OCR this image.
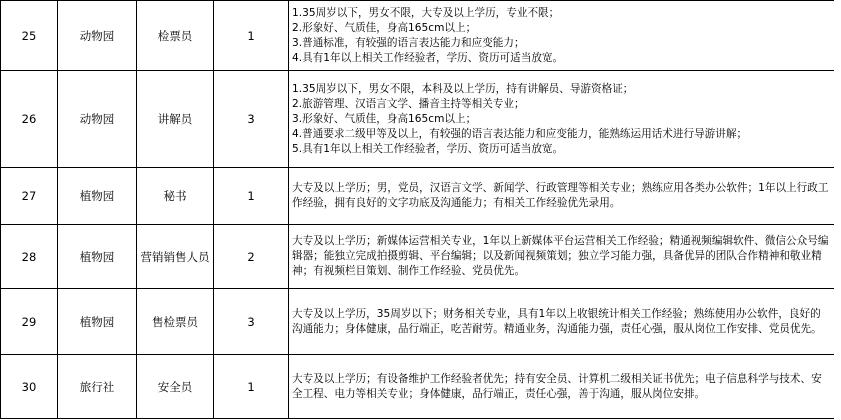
25	动物园	检票员	1	1.35周岁以下，男女不限，大专及以上学历，专业不限；
2.形象好、气质佳，身高165cm以上；
3.普通标准，有较强的语言表达能力和应变能力；
4.具有1年以上相关工作经验者，学历、资历可适当放宽。

26	动物园	讲解员	3	1.35周岁以下，男女不限，本科及以上学历，持有讲解员、导游资格证；
2.旅游管理、汉语言文学、播音主持等相关专业；
3.形象好、气质佳，身高165cm以上；
4.普通要求二级甲等及以上，有较强的语言表达能力和应变能力，能熟练运用话术进行导游讲解；
5.具有1年以上相关工作经验者，学历、资历可适当放宽。

27	植物园	秘书	1	大专及以上学历；男，党员，汉语言文学、新闻学、行政管理等相关专业；熟练应用各类办公软件；1年以上行政工作经验，拥有良好的文字功底及沟通能力；有相关工作经验优先录用。
28	植物园	营销销售人员	2	大专及以上学历；新媒体运营相关专业，1年以上新媒体平台运营相关工作经验；精通视频编辑软件、微信公众号编辑器；能独立完成拍摄剪辑、平台编辑；以及新闻视频策划；独立学习能力强，具备优异的团队合作精神和敬业精神；有视频栏目策划、制作工作经验、党员优先。
29	植物园	售检票员	3	大专及以上学历，35周岁以下；财务相关专业，具有1年以上收银统计相关工作经验；熟练使用办公软件，良好的沟通能力；身体健康，品行端正，吃苦耐劳。精通业务，沟通能力强，责任心强，服从岗位工作安排、党员优先。
30	旅行社	安全员	1	大专及以上学历；有设备维护工作经验者优先；持有安全员、计算机二级相关证书优先；电子信息科学与技术、安全工程、电力等相关专业；身体健康，品行端正，责任心强，善于沟通，服从岗位安排。
